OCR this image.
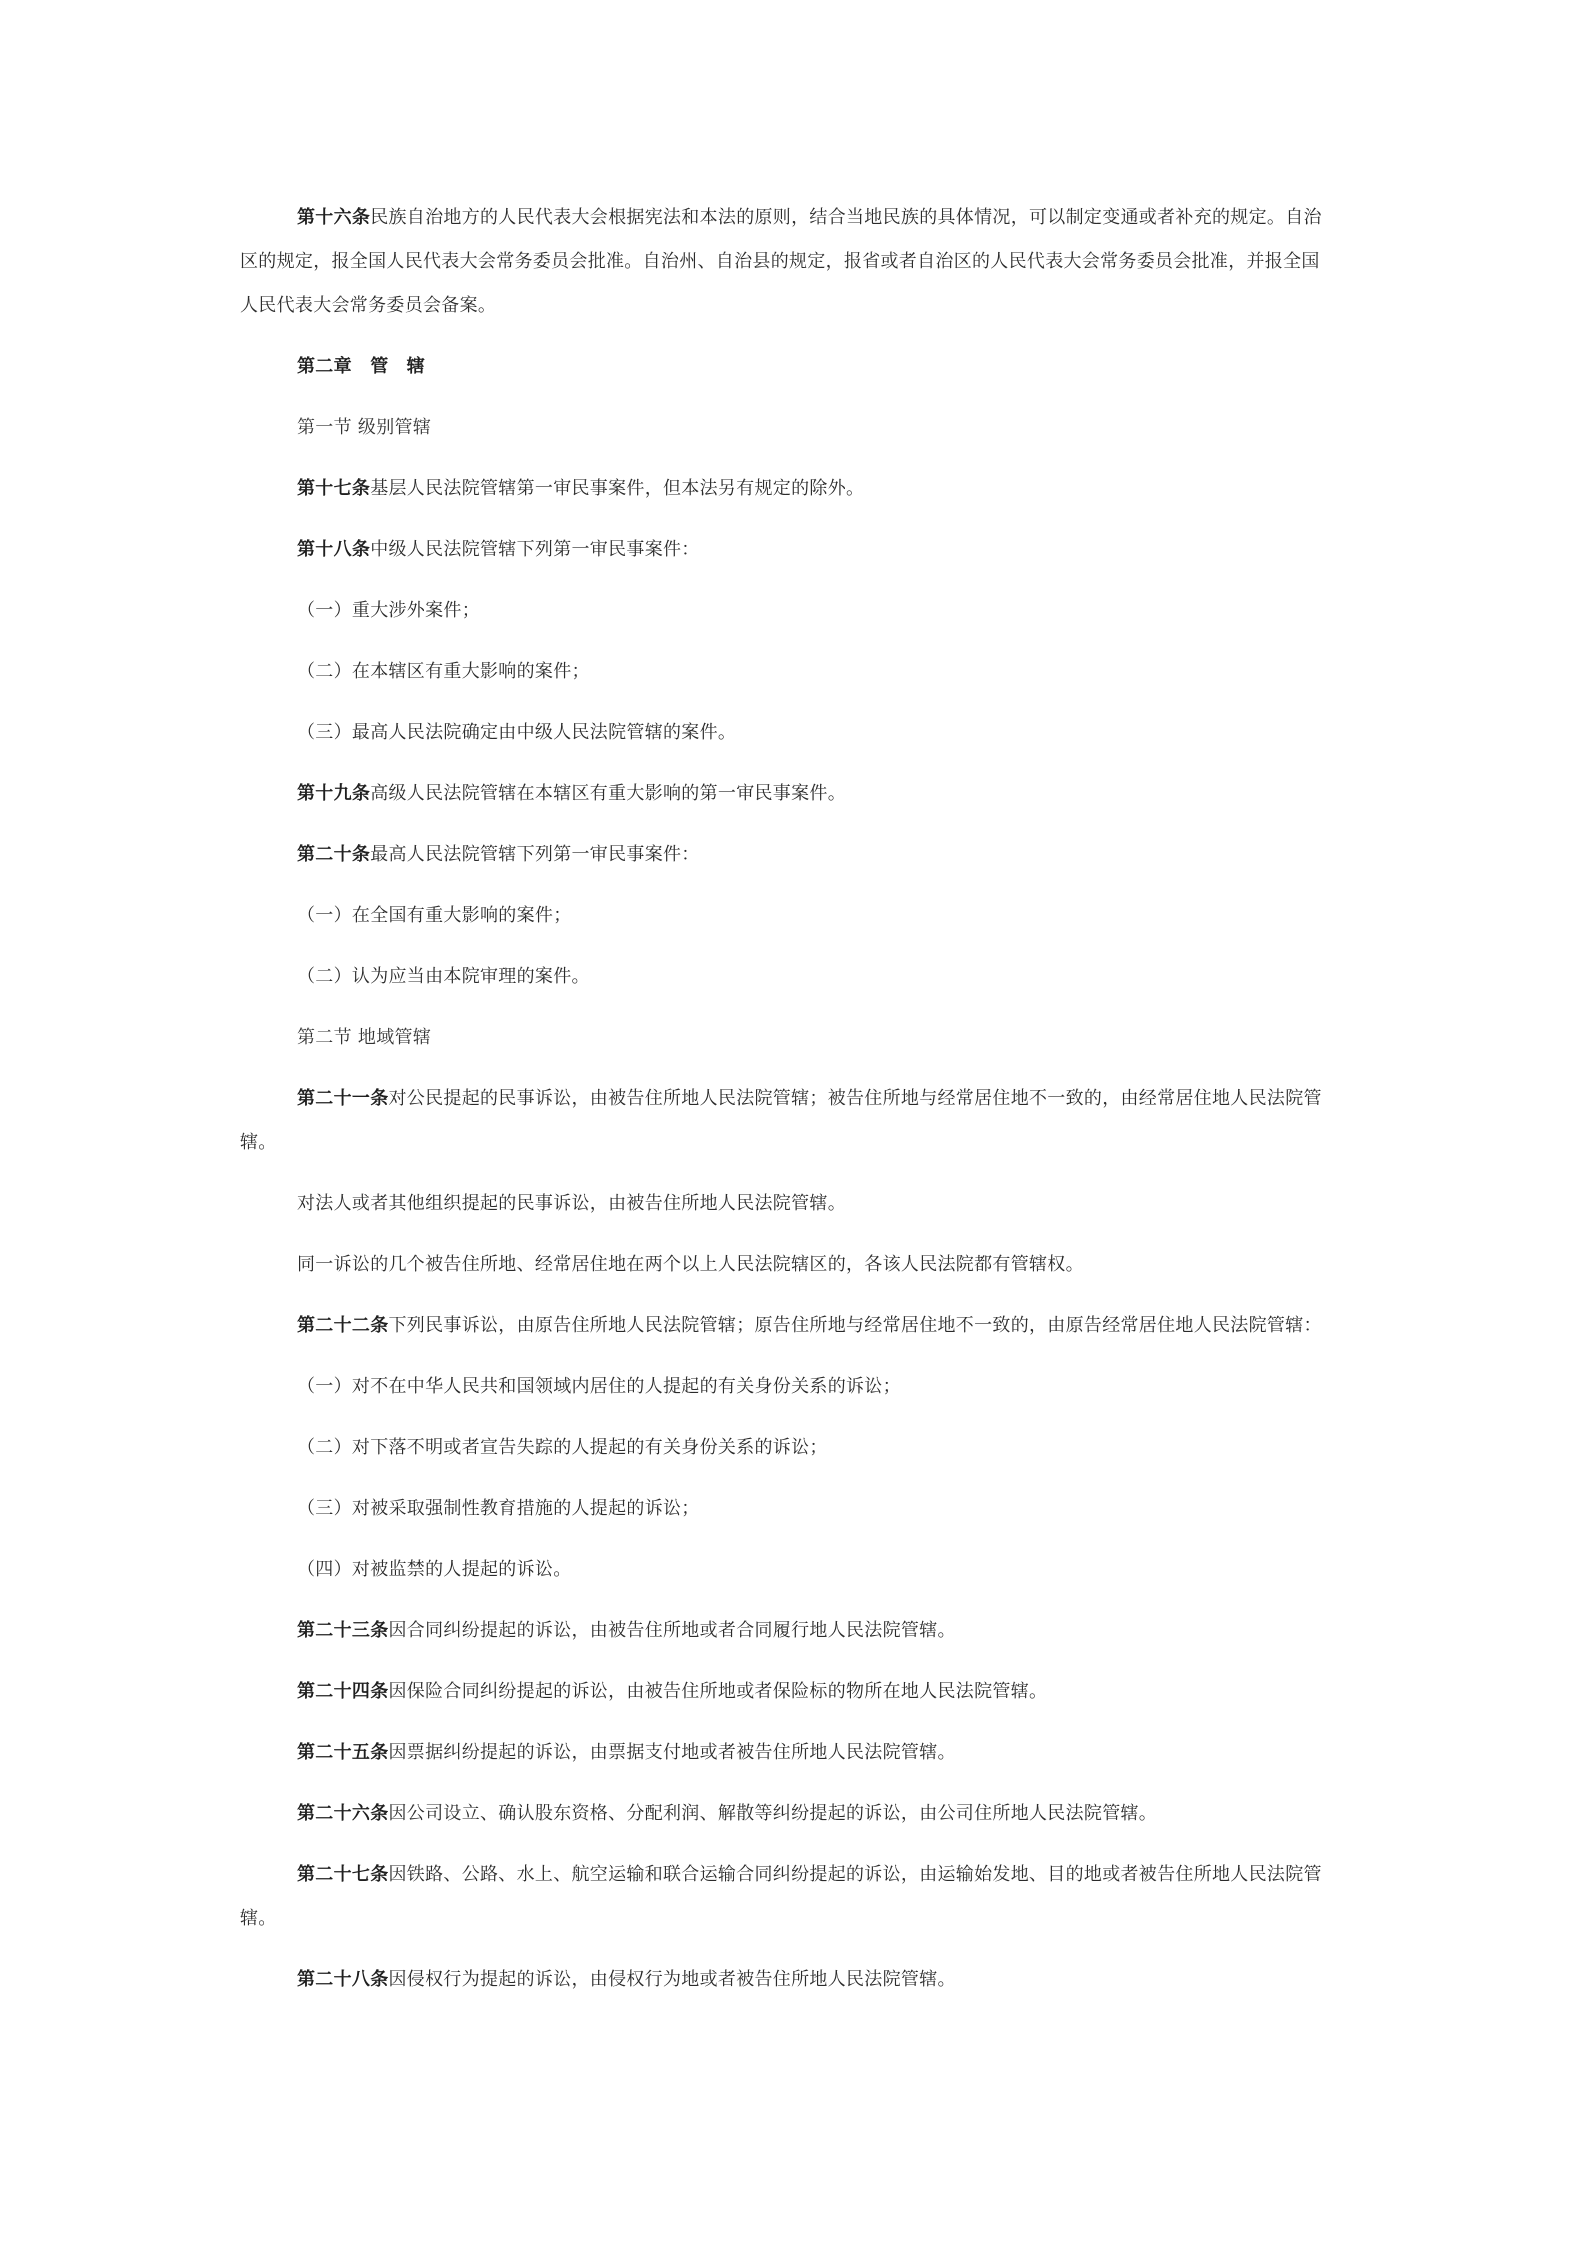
第十六条民族自治地方的人民代表大会根据宪法和本法的原则，结合当地民族的具体情况，可以制定变通或者补充的规定。自治
区的规定，报全国人民代表大会常务委员会批准。自治州、自治县的规定，报省或者自治区的人民代表大会常务委员会批准，并报全国
人民代表大会常务委员会备案。
第二章　管　辖
第一节 级别管辖
第十七条基层人民法院管辖第一审民事案件，但本法另有规定的除外。
第十八条中级人民法院管辖下列第一审民事案件：
（一）重大涉外案件；
（二）在本辖区有重大影响的案件；
（三）最高人民法院确定由中级人民法院管辖的案件。
第十九条高级人民法院管辖在本辖区有重大影响的第一审民事案件。
第二十条最高人民法院管辖下列第一审民事案件：
（一）在全国有重大影响的案件；
（二）认为应当由本院审理的案件。
第二节 地域管辖
第二十一条对公民提起的民事诉讼，由被告住所地人民法院管辖；被告住所地与经常居住地不一致的，由经常居住地人民法院管
辖。
对法人或者其他组织提起的民事诉讼，由被告住所地人民法院管辖。
同一诉讼的几个被告住所地、经常居住地在两个以上人民法院辖区的，各该人民法院都有管辖权。
第二十二条下列民事诉讼，由原告住所地人民法院管辖；原告住所地与经常居住地不一致的，由原告经常居住地人民法院管辖：
（一）对不在中华人民共和国领域内居住的人提起的有关身份关系的诉讼；
（二）对下落不明或者宣告失踪的人提起的有关身份关系的诉讼；
（三）对被采取强制性教育措施的人提起的诉讼；
（四）对被监禁的人提起的诉讼。
第二十三条因合同纠纷提起的诉讼，由被告住所地或者合同履行地人民法院管辖。
第二十四条因保险合同纠纷提起的诉讼，由被告住所地或者保险标的物所在地人民法院管辖。
第二十五条因票据纠纷提起的诉讼，由票据支付地或者被告住所地人民法院管辖。
第二十六条因公司设立、确认股东资格、分配利润、解散等纠纷提起的诉讼，由公司住所地人民法院管辖。
第二十七条因铁路、公路、水上、航空运输和联合运输合同纠纷提起的诉讼，由运输始发地、目的地或者被告住所地人民法院管
辖。
第二十八条因侵权行为提起的诉讼，由侵权行为地或者被告住所地人民法院管辖。
